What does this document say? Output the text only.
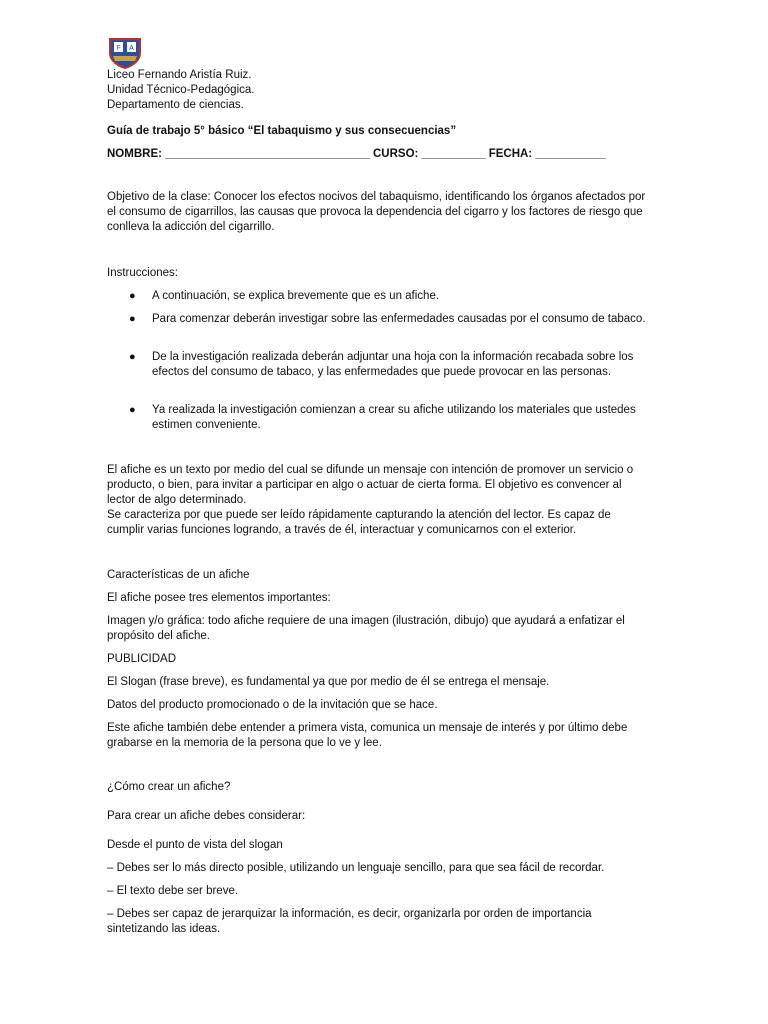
F A
Liceo Fernando Aristía Ruiz.
Unidad Técnico-Pedagógica.
Departamento de ciencias.
Guía de trabajo 5° básico “El tabaquismo y sus consecuencias”
NOMBRE: ________________________________ CURSO: __________ FECHA: ___________
Objetivo de la clase: Conocer los efectos nocivos del tabaquismo, identificando los órganos afectados por el consumo de cigarrillos, las causas que provoca la dependencia del cigarro y los factores de riesgo que conlleva la adicción del cigarrillo.
Instrucciones:
● A continuación, se explica brevemente que es un afiche.
● Para comenzar deberán investigar sobre las enfermedades causadas por el consumo de tabaco.
● De la investigación realizada deberán adjuntar una hoja con la información recabada sobre los efectos del consumo de tabaco, y las enfermedades que puede provocar en las personas.
● Ya realizada la investigación comienzan a crear su afiche utilizando los materiales que ustedes estimen conveniente.

El afiche es un texto por medio del cual se difunde un mensaje con intención de promover un servicio o producto, o bien, para invitar a participar en algo o actuar de cierta forma. El objetivo es convencer al lector de algo determinado.

Se caracteriza por que puede ser leído rápidamente capturando la atención del lector. Es capaz de cumplir varias funciones logrando, a través de él, interactuar y comunicarnos con el exterior.

Características de un afiche
El afiche posee tres elementos importantes:
Imagen y/o gráfica: todo afiche requiere de una imagen (ilustración, dibujo) que ayudará a enfatizar el propósito del afiche.
PUBLICIDAD
El Slogan (frase breve), es fundamental ya que por medio de él se entrega el mensaje.
Datos del producto promocionado o de la invitación que se hace.
Este afiche también debe entender a primera vista, comunica un mensaje de interés y por último debe grabarse en la memoria de la persona que lo ve y lee.
¿Cómo crear un afiche?
Para crear un afiche debes considerar:
Desde el punto de vista del slogan
– Debes ser lo más directo posible, utilizando un lenguaje sencillo, para que sea fácil de recordar.
– El texto debe ser breve.
– Debes ser capaz de jerarquizar la información, es decir, organizarla por orden de importancia sintetizando las ideas.
